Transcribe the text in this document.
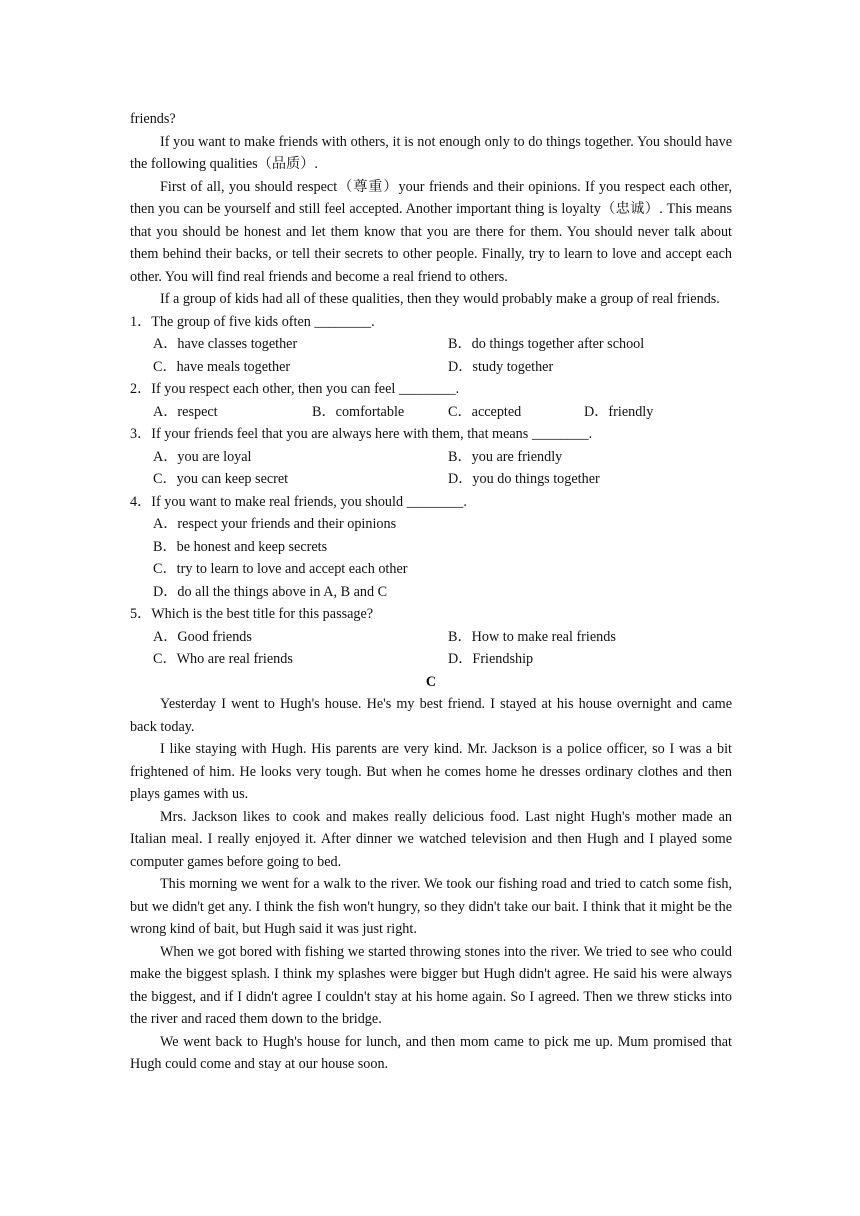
friends?
If you want to make friends with others, it is not enough only to do things together. You should have the following qualities（品质）.
First of all, you should respect（尊重）your friends and their opinions. If you respect each other, then you can be yourself and still feel accepted. Another important thing is loyalty（忠诚）. This means that you should be honest and let them know that you are there for them. You should never talk about them behind their backs, or tell their secrets to other people. Finally, try to learn to love and accept each other. You will find real friends and become a real friend to others.
If a group of kids had all of these qualities, then they would probably make a group of real friends.
1．The group of five kids often ________.
A．have classes together	B．do things together after school
C．have meals together	D．study together
2．If you respect each other, then you can feel ________.
A．respect	B．comfortable	C．accepted	D．friendly
3．If your friends feel that you are always here with them, that means ________.
A．you are loyal	B．you are friendly
C．you can keep secret	D．you do things together
4．If you want to make real friends, you should ________.
A．respect your friends and their opinions
B．be honest and keep secrets
C．try to learn to love and accept each other
D．do all the things above in A, B and C
5．Which is the best title for this passage?
A．Good friends	B．How to make real friends
C．Who are real friends	D．Friendship
C
Yesterday I went to Hugh's house. He's my best friend. I stayed at his house overnight and came back today.
I like staying with Hugh. His parents are very kind. Mr. Jackson is a police officer, so I was a bit frightened of him. He looks very tough. But when he comes home he dresses ordinary clothes and then plays games with us.
Mrs. Jackson likes to cook and makes really delicious food. Last night Hugh's mother made an Italian meal. I really enjoyed it. After dinner we watched television and then Hugh and I played some computer games before going to bed.
This morning we went for a walk to the river. We took our fishing road and tried to catch some fish, but we didn't get any. I think the fish won't hungry, so they didn't take our bait. I think that it might be the wrong kind of bait, but Hugh said it was just right.
When we got bored with fishing we started throwing stones into the river. We tried to see who could make the biggest splash. I think my splashes were bigger but Hugh didn't agree. He said his were always the biggest, and if I didn't agree I couldn't stay at his home again. So I agreed. Then we threw sticks into the river and raced them down to the bridge.
We went back to Hugh's house for lunch, and then mom came to pick me up. Mum promised that Hugh could come and stay at our house soon.
